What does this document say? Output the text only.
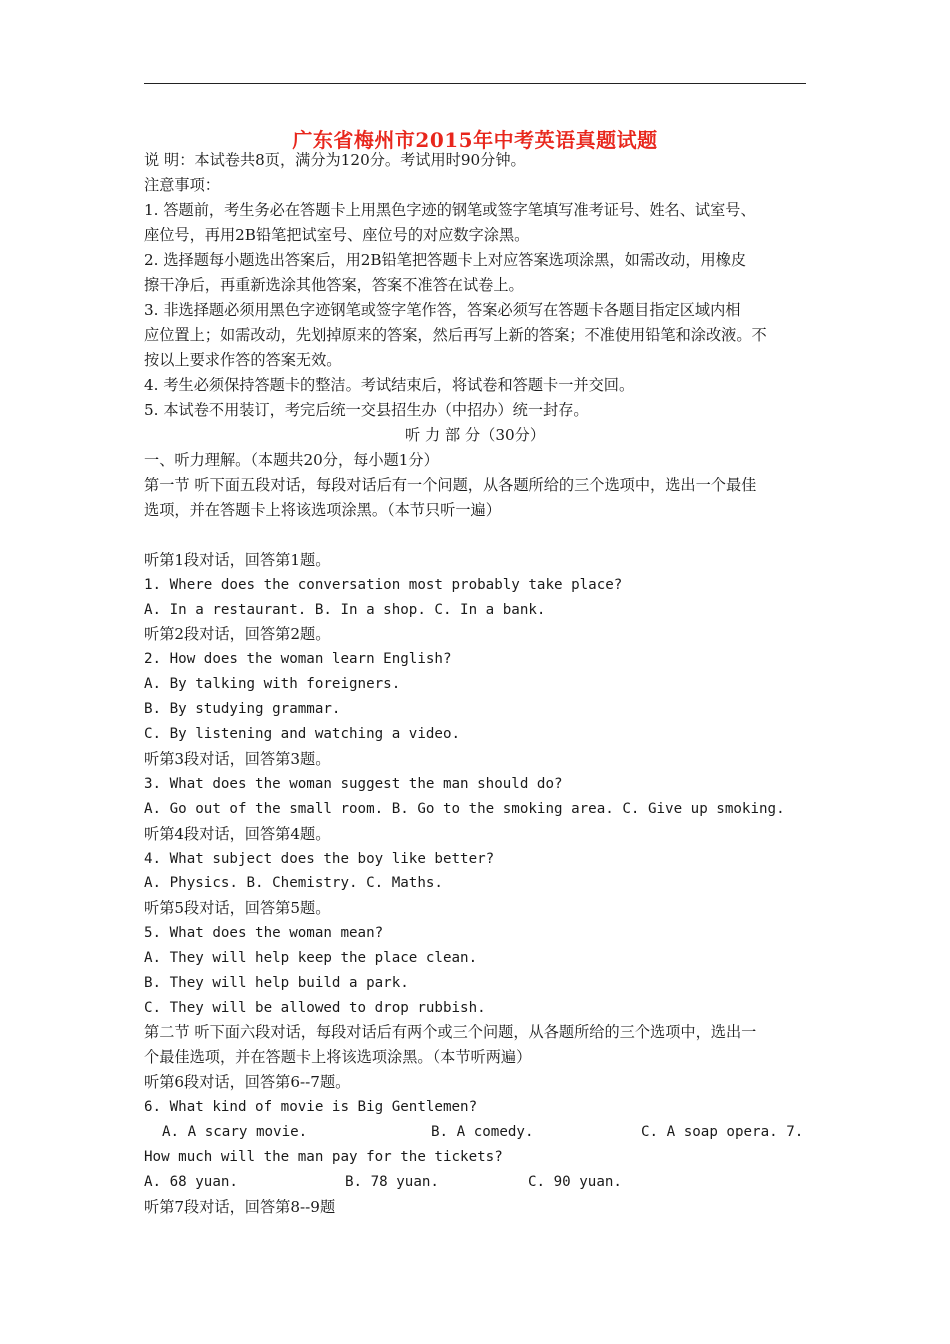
广东省梅州市2015年中考英语真题试题
说 明：本试卷共8页，满分为120分。考试用时90分钟。
注意事项：
1. 答题前，考生务必在答题卡上用黑色字迹的钢笔或签字笔填写准考证号、姓名、试室号、
座位号，再用2B铅笔把试室号、座位号的对应数字涂黑。
2. 选择题每小题选出答案后，用2B铅笔把答题卡上对应答案选项涂黑，如需改动，用橡皮
擦干净后，再重新选涂其他答案，答案不准答在试卷上。
3. 非选择题必须用黑色字迹钢笔或签字笔作答，答案必须写在答题卡各题目指定区域内相
应位置上；如需改动，先划掉原来的答案，然后再写上新的答案；不准使用铅笔和涂改液。不
按以上要求作答的答案无效。
4. 考生必须保持答题卡的整洁。考试结束后，将试卷和答题卡一并交回。
5. 本试卷不用装订，考完后统一交县招生办（中招办）统一封存。
听 力 部 分（30分）
一、听力理解。（本题共20分，每小题1分）
第一节 听下面五段对话，每段对话后有一个问题，从各题所给的三个选项中，选出一个最佳
选项，并在答题卡上将该选项涂黑。（本节只听一遍）
听第1段对话，回答第1题。
1. Where does the conversation most probably take place?
A. In a restaurant. B. In a shop. C. In a bank.
听第2段对话，回答第2题。
2. How does the woman learn English?
A. By talking with foreigners.
B. By studying grammar.
C. By listening and watching a video.
听第3段对话，回答第3题。
3. What does the woman suggest the man should do?
A. Go out of the small room. B. Go to the smoking area. C. Give up smoking.
听第4段对话，回答第4题。
4. What subject does the boy like better?
A. Physics. B. Chemistry. C. Maths.
听第5段对话，回答第5题。
5. What does the woman mean?
A. They will help keep the place clean.
B. They will help build a park.
C. They will be allowed to drop rubbish.
第二节 听下面六段对话，每段对话后有两个或三个问题，从各题所给的三个选项中，选出一
个最佳选项，并在答题卡上将该选项涂黑。（本节听两遍）
听第6段对话，回答第6--7题。
6. What kind of movie is Big Gentlemen?
A. A scary movie.	B. A comedy.	C. A soap opera. 7.
How much will the man pay for the tickets?
A. 68 yuan.	B. 78 yuan.	C. 90 yuan.
听第7段对话，回答第8--9题
